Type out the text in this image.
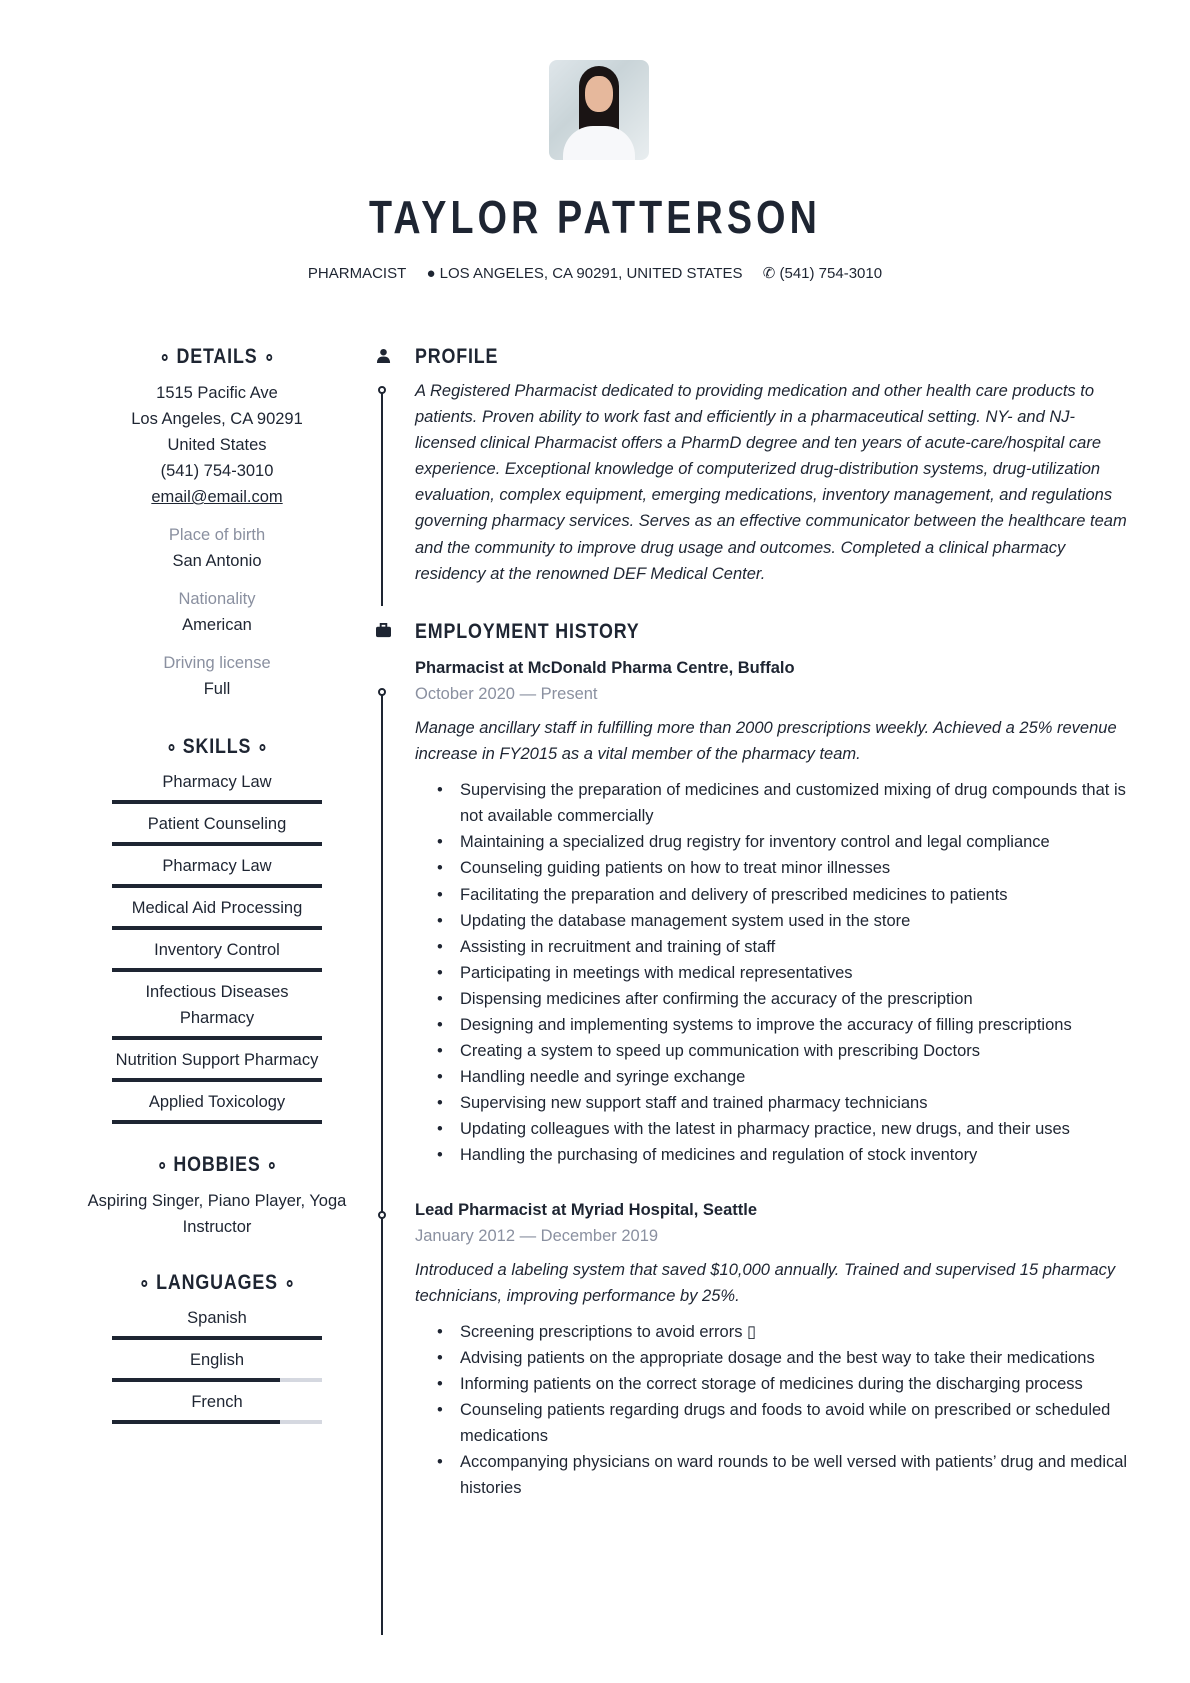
TAYLOR PATTERSON
PHARMACIST ● LOS ANGELES, CA 90291, UNITED STATES ✆ (541) 754-3010
DETAILS
1515 Pacific Ave
Los Angeles, CA 90291
United States
(541) 754-3010
email@email.com
Place of birth
San Antonio
Nationality
American
Driving license
Full
SKILLS
Pharmacy Law
Patient Counseling
Pharmacy Law
Medical Aid Processing
Inventory Control
Infectious Diseases Pharmacy
Nutrition Support Pharmacy
Applied Toxicology
HOBBIES
Aspiring Singer, Piano Player, Yoga Instructor
LANGUAGES
Spanish
English
French
PROFILE

A Registered Pharmacist dedicated to providing medication and other health care products to patients. Proven ability to work fast and efficiently in a pharmaceutical setting. NY- and NJ-licensed clinical Pharmacist offers a PharmD degree and ten years of acute-care/hospital care experience. Exceptional knowledge of computerized drug-distribution systems, drug-utilization evaluation, complex equipment, emerging medications, inventory management, and regulations governing pharmacy services. Serves as an effective communicator between the healthcare team and the community to improve drug usage and outcomes. Completed a clinical pharmacy residency at the renowned DEF Medical Center.

EMPLOYMENT HISTORY
Pharmacist at McDonald Pharma Centre, Buffalo
October 2020 — Present

Manage ancillary staff in fulfilling more than 2000 prescriptions weekly. Achieved a 25% revenue increase in FY2015 as a vital member of the pharmacy team.

• Supervising the preparation of medicines and customized mixing of drug compounds that is not available commercially
• Maintaining a specialized drug registry for inventory control and legal compliance
• Counseling guiding patients on how to treat minor illnesses
• Facilitating the preparation and delivery of prescribed medicines to patients
• Updating the database management system used in the store
• Assisting in recruitment and training of staff
• Participating in meetings with medical representatives
• Dispensing medicines after confirming the accuracy of the prescription
• Designing and implementing systems to improve the accuracy of filling prescriptions
• Creating a system to speed up communication with prescribing Doctors
• Handling needle and syringe exchange
• Supervising new support staff and trained pharmacy technicians
• Updating colleagues with the latest in pharmacy practice, new drugs, and their uses
• Handling the purchasing of medicines and regulation of stock inventory
Lead Pharmacist at Myriad Hospital, Seattle
January 2012 — December 2019

Introduced a labeling system that saved $10,000 annually. Trained and supervised 15 pharmacy technicians, improving performance by 25%.

• Screening prescriptions to avoid errors ▯
• Advising patients on the appropriate dosage and the best way to take their medications
• Informing patients on the correct storage of medicines during the discharging process
• Counseling patients regarding drugs and foods to avoid while on prescribed or scheduled medications
• Accompanying physicians on ward rounds to be well versed with patients’ drug and medical histories
